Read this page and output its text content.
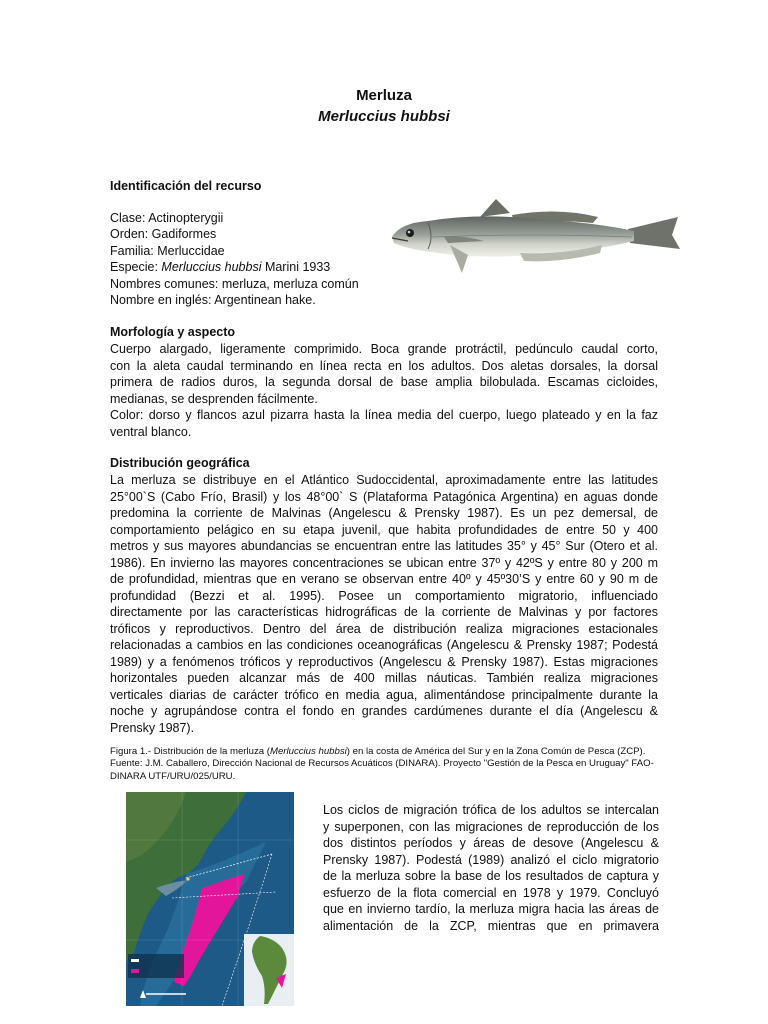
Merluza
Merluccius hubbsi
Identificación del recurso
Clase: Actinopterygii
Orden: Gadiformes
Familia: Merluccidae
Especie: Merluccius hubbsi Marini 1933
Nombres comunes: merluza, merluza común
Nombre en inglés: Argentinean hake.
Morfología y aspecto
Cuerpo alargado, ligeramente comprimido. Boca grande protráctil, pedúnculo caudal corto,
con la aleta caudal terminando en línea recta en los adultos. Dos aletas dorsales, la dorsal
primera de radios duros, la segunda dorsal de base amplia bilobulada. Escamas cicloides,
medianas, se desprenden fácilmente.
Color: dorso y flancos azul pizarra hasta la línea media del cuerpo, luego plateado y en la faz
ventral blanco.
Distribución geográfica
La merluza se distribuye en el Atlántico Sudoccidental, aproximadamente entre las latitudes
25°00`S (Cabo Frío, Brasil) y los 48°00` S (Plataforma Patagónica Argentina) en aguas donde
predomina la corriente de Malvinas (Angelescu & Prensky 1987). Es un pez demersal, de
comportamiento pelágico en su etapa juvenil, que habita profundidades de entre 50 y 400
metros y sus mayores abundancias se encuentran entre las latitudes 35° y 45° Sur (Otero et al.
1986). En invierno las mayores concentraciones se ubican entre 37º y 42ºS y entre 80 y 200 m
de profundidad, mientras que en verano se observan entre 40º y 45º30’S y entre 60 y 90 m de
profundidad (Bezzi et al. 1995). Posee un comportamiento migratorio, influenciado
directamente por las características hidrográficas de la corriente de Malvinas y por factores
tróficos y reproductivos. Dentro del área de distribución realiza migraciones estacionales
relacionadas a cambios en las condiciones oceanográficas (Angelescu & Prensky 1987; Podestá
1989) y a fenómenos tróficos y reproductivos (Angelescu & Prensky 1987). Estas migraciones
horizontales pueden alcanzar más de 400 millas náuticas. También realiza migraciones
verticales diarias de carácter trófico en media agua, alimentándose principalmente durante la
noche y agrupándose contra el fondo en grandes cardúmenes durante el día (Angelescu &
Prensky 1987).
Figura 1.- Distribución de la merluza (Merluccius hubbsi) en la costa de América del Sur y en la Zona Común de Pesca (ZCP). Fuente: J.M. Caballero, Dirección Nacional de Recursos Acuáticos (DINARA). Proyecto "Gestión de la Pesca en Uruguay" FAO-DINARA UTF/URU/025/URU.
Los ciclos de migración trófica de los adultos se intercalan
y superponen, con las migraciones de reproducción de los
dos distintos períodos y áreas de desove (Angelescu &
Prensky 1987). Podestá (1989) analizó el ciclo migratorio
de la merluza sobre la base de los resultados de captura y
esfuerzo de la flota comercial en 1978 y 1979. Concluyó
que en invierno tardío, la merluza migra hacia las áreas de
alimentación de la ZCP, mientras que en primavera
